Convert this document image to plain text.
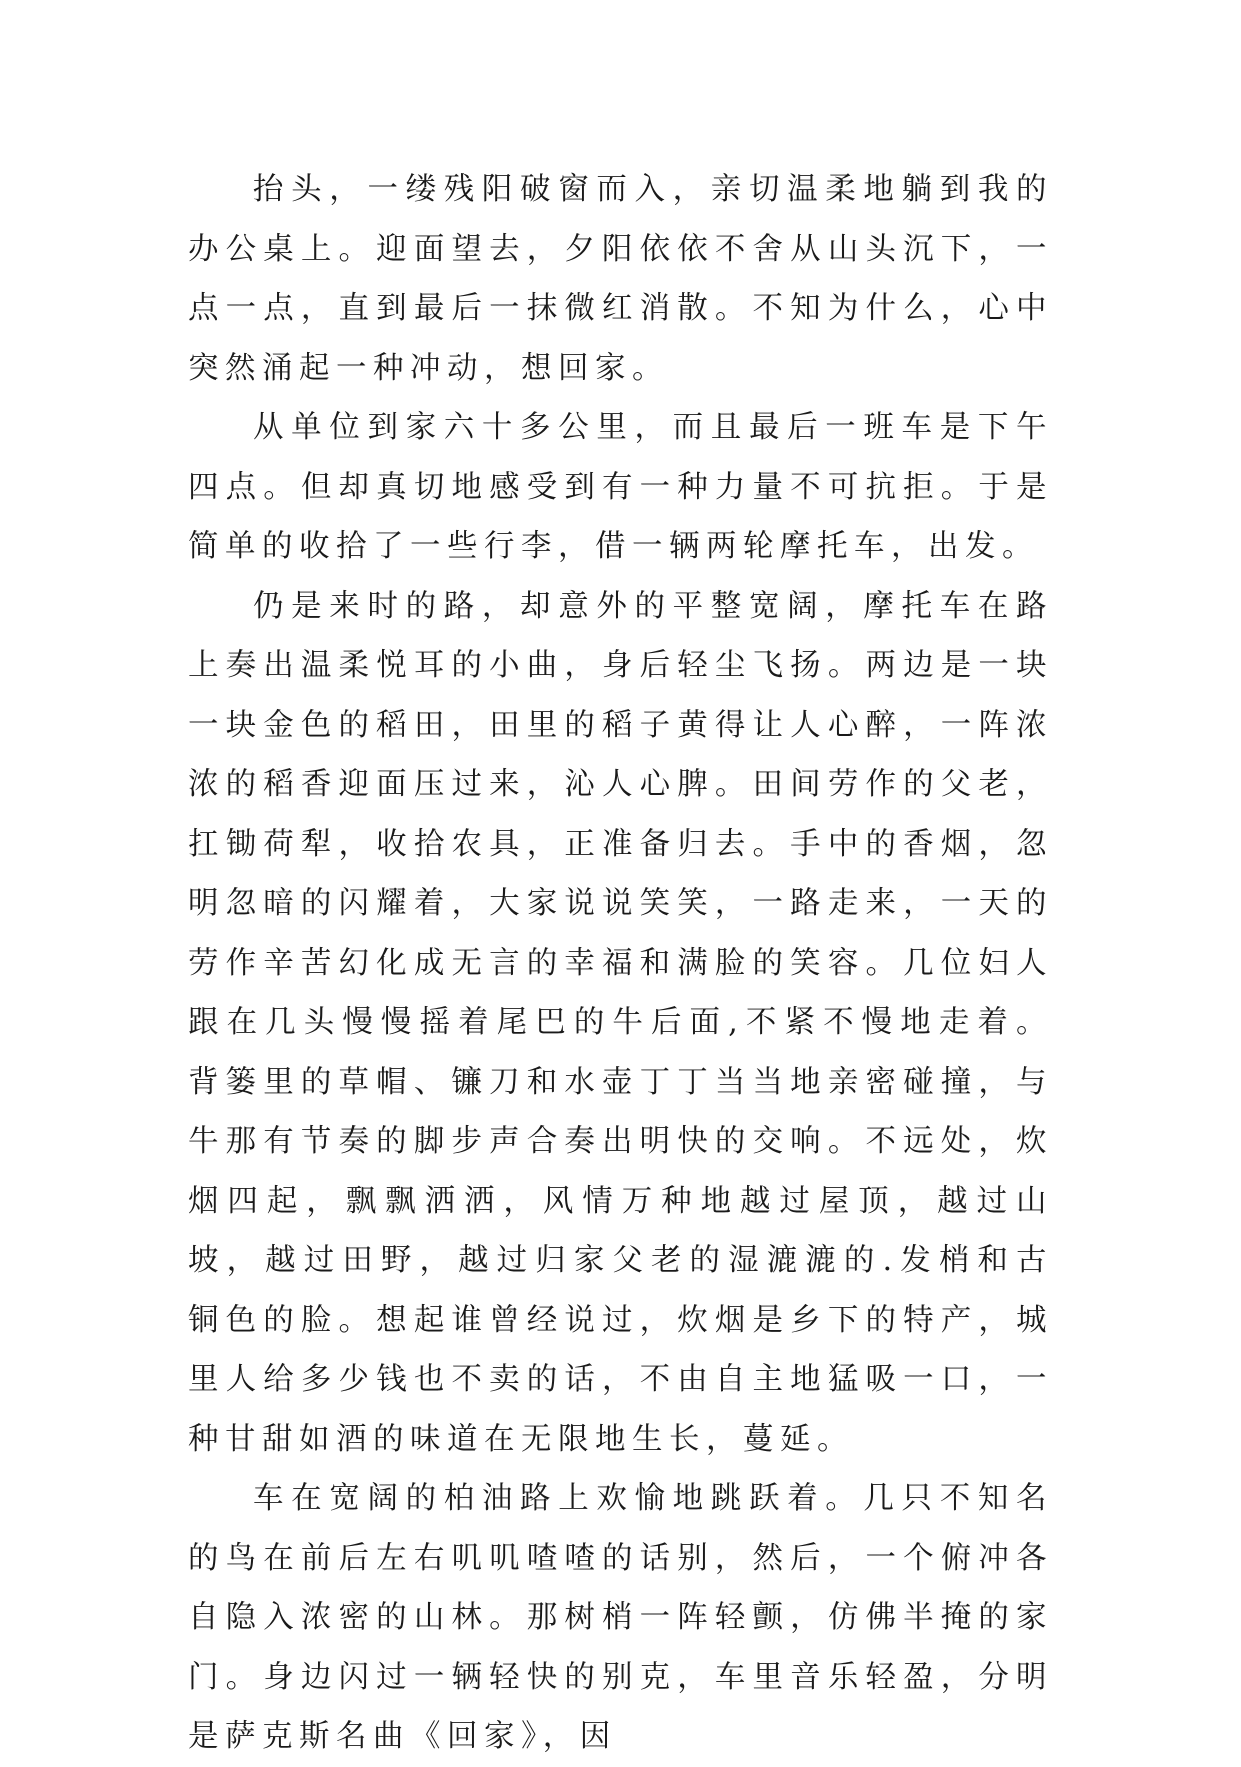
抬头，一缕残阳破窗而入，亲切温柔地躺到我的办公桌上。迎面望去，夕阳依依不舍从山头沉下，一点一点，直到最后一抹微红消散。不知为什么，心中突然涌起一种冲动，想回家。

从单位到家六十多公里，而且最后一班车是下午四点。但却真切地感受到有一种力量不可抗拒。于是简单的收拾了一些行李，借一辆两轮摩托车，出发。

仍是来时的路，却意外的平整宽阔，摩托车在路上奏出温柔悦耳的小曲，身后轻尘飞扬。两边是一块一块金色的稻田，田里的稻子黄得让人心醉，一阵浓浓的稻香迎面压过来，沁人心脾。田间劳作的父老，扛锄荷犁，收拾农具，正准备归去。手中的香烟，忽明忽暗的闪耀着，大家说说笑笑，一路走来，一天的劳作辛苦幻化成无言的幸福和满脸的笑容。几位妇人跟在几头慢慢摇着尾巴的牛后面,不紧不慢地走着。背篓里的草帽、镰刀和水壶丁丁当当地亲密碰撞，与牛那有节奏的脚步声合奏出明快的交响。不远处，炊烟四起，飘飘洒洒，风情万种地越过屋顶，越过山坡，越过田野，越过归家父老的湿漉漉的.发梢和古铜色的脸。想起谁曾经说过，炊烟是乡下的特产，城里人给多少钱也不卖的话，不由自主地猛吸一口，一种甘甜如酒的味道在无限地生长，蔓延。

车在宽阔的柏油路上欢愉地跳跃着。几只不知名的鸟在前后左右叽叽喳喳的话别，然后，一个俯冲各自隐入浓密的山林。那树梢一阵轻颤，仿佛半掩的家门。身边闪过一辆轻快的别克，车里音乐轻盈，分明是萨克斯名曲《回家》，因
